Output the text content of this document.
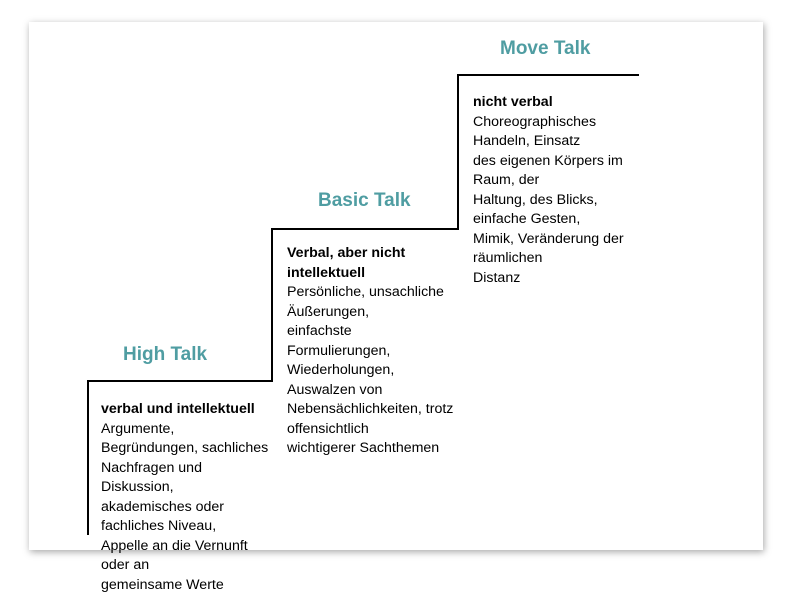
High Talk
verbal und intellektuell
Argumente, Begründungen, sachliches
Nachfragen und Diskussion,
akademisches oder fachliches Niveau,
Appelle an die Vernunft oder an
gemeinsame Werte
Basic Talk
Verbal, aber nicht intellektuell
Persönliche, unsachliche Äußerungen,
einfachste Formulierungen,
Wiederholungen, Auswalzen von
Nebensächlichkeiten, trotz offensichtlich
wichtigerer Sachthemen
Move Talk
nicht verbal
Choreographisches Handeln, Einsatz
des eigenen Körpers im Raum, der
Haltung, des Blicks, einfache Gesten,
Mimik, Veränderung der räumlichen
Distanz
